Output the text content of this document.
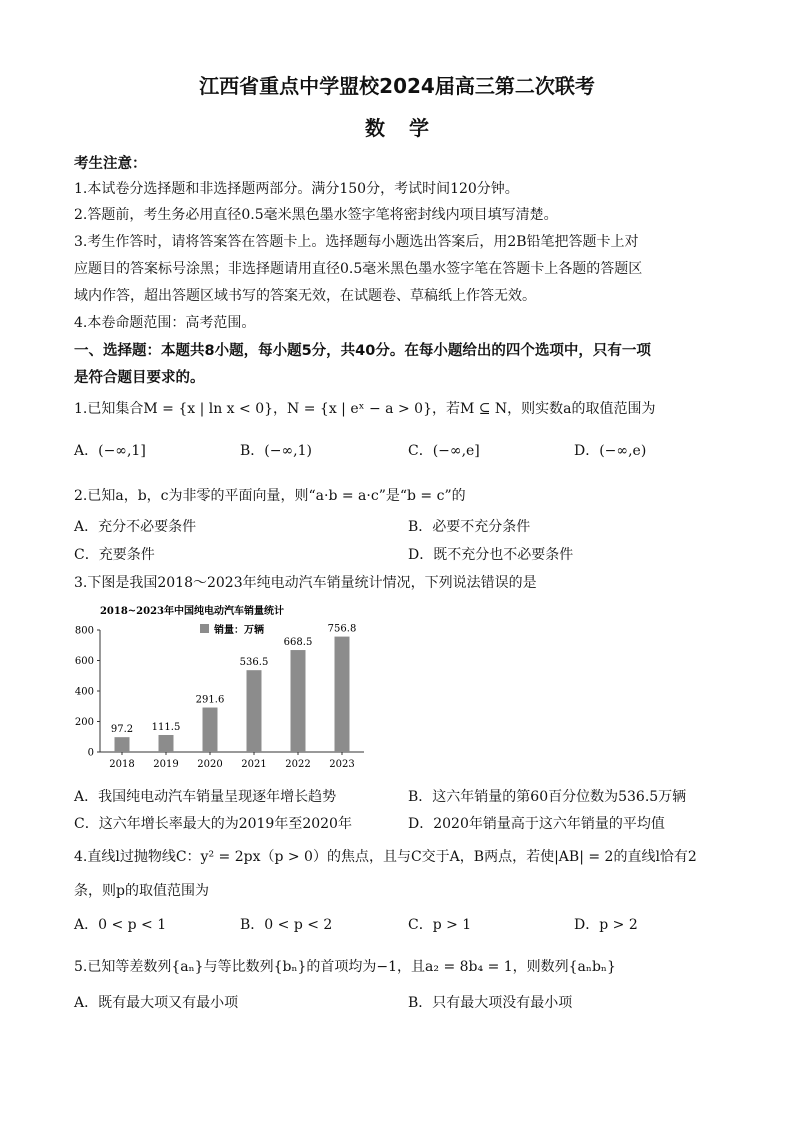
江西省重点中学盟校2024届高三第二次联考
数学
考生注意：
1.本试卷分选择题和非选择题两部分。满分150分，考试时间120分钟。
2.答题前，考生务必用直径0.5毫米黑色墨水签字笔将密封线内项目填写清楚。
3.考生作答时，请将答案答在答题卡上。选择题每小题选出答案后，用2B铅笔把答题卡上对
应题目的答案标号涂黑；非选择题请用直径0.5毫米黑色墨水签字笔在答题卡上各题的答题区
域内作答，超出答题区域书写的答案无效，在试题卷、草稿纸上作答无效。
4.本卷命题范围：高考范围。
一、选择题：本题共8小题，每小题5分，共40分。在每小题给出的四个选项中，只有一项
是符合题目要求的。
1.已知集合M = {x | ln x < 0}，N = {x | eˣ − a > 0}，若M ⊆ N，则实数a的取值范围为
A．(−∞,1]	B．(−∞,1)	C．(−∞,e]	D．(−∞,e)
2.已知a，b，c为非零的平面向量，则“a·b = a·c”是“b = c”的
A．充分不必要条件	B．必要不充分条件
C．充要条件	D．既不充分也不必要条件
3.下图是我国2018～2023年纯电动汽车销量统计情况，下列说法错误的是
2018~2023年中国纯电动汽车销量统计
销量：万辆
0
200
400
600
800
2018 2019 2020 2021 2022 2023
97.2 111.5
291.6
536.5
668.5
756.8
A．我国纯电动汽车销量呈现逐年增长趋势	B．这六年销量的第60百分位数为536.5万辆
C．这六年增长率最大的为2019年至2020年	D．2020年销量高于这六年销量的平均值
4.直线l过抛物线C：y² = 2px（p > 0）的焦点，且与C交于A，B两点，若使|AB| = 2的直线l恰有2
条，则p的取值范围为
A．0 < p < 1	B．0 < p < 2	C．p > 1	D．p > 2
5.已知等差数列{aₙ}与等比数列{bₙ}的首项均为−1，且a₂ = 8b₄ = 1，则数列{aₙbₙ}
A．既有最大项又有最小项	B．只有最大项没有最小项
